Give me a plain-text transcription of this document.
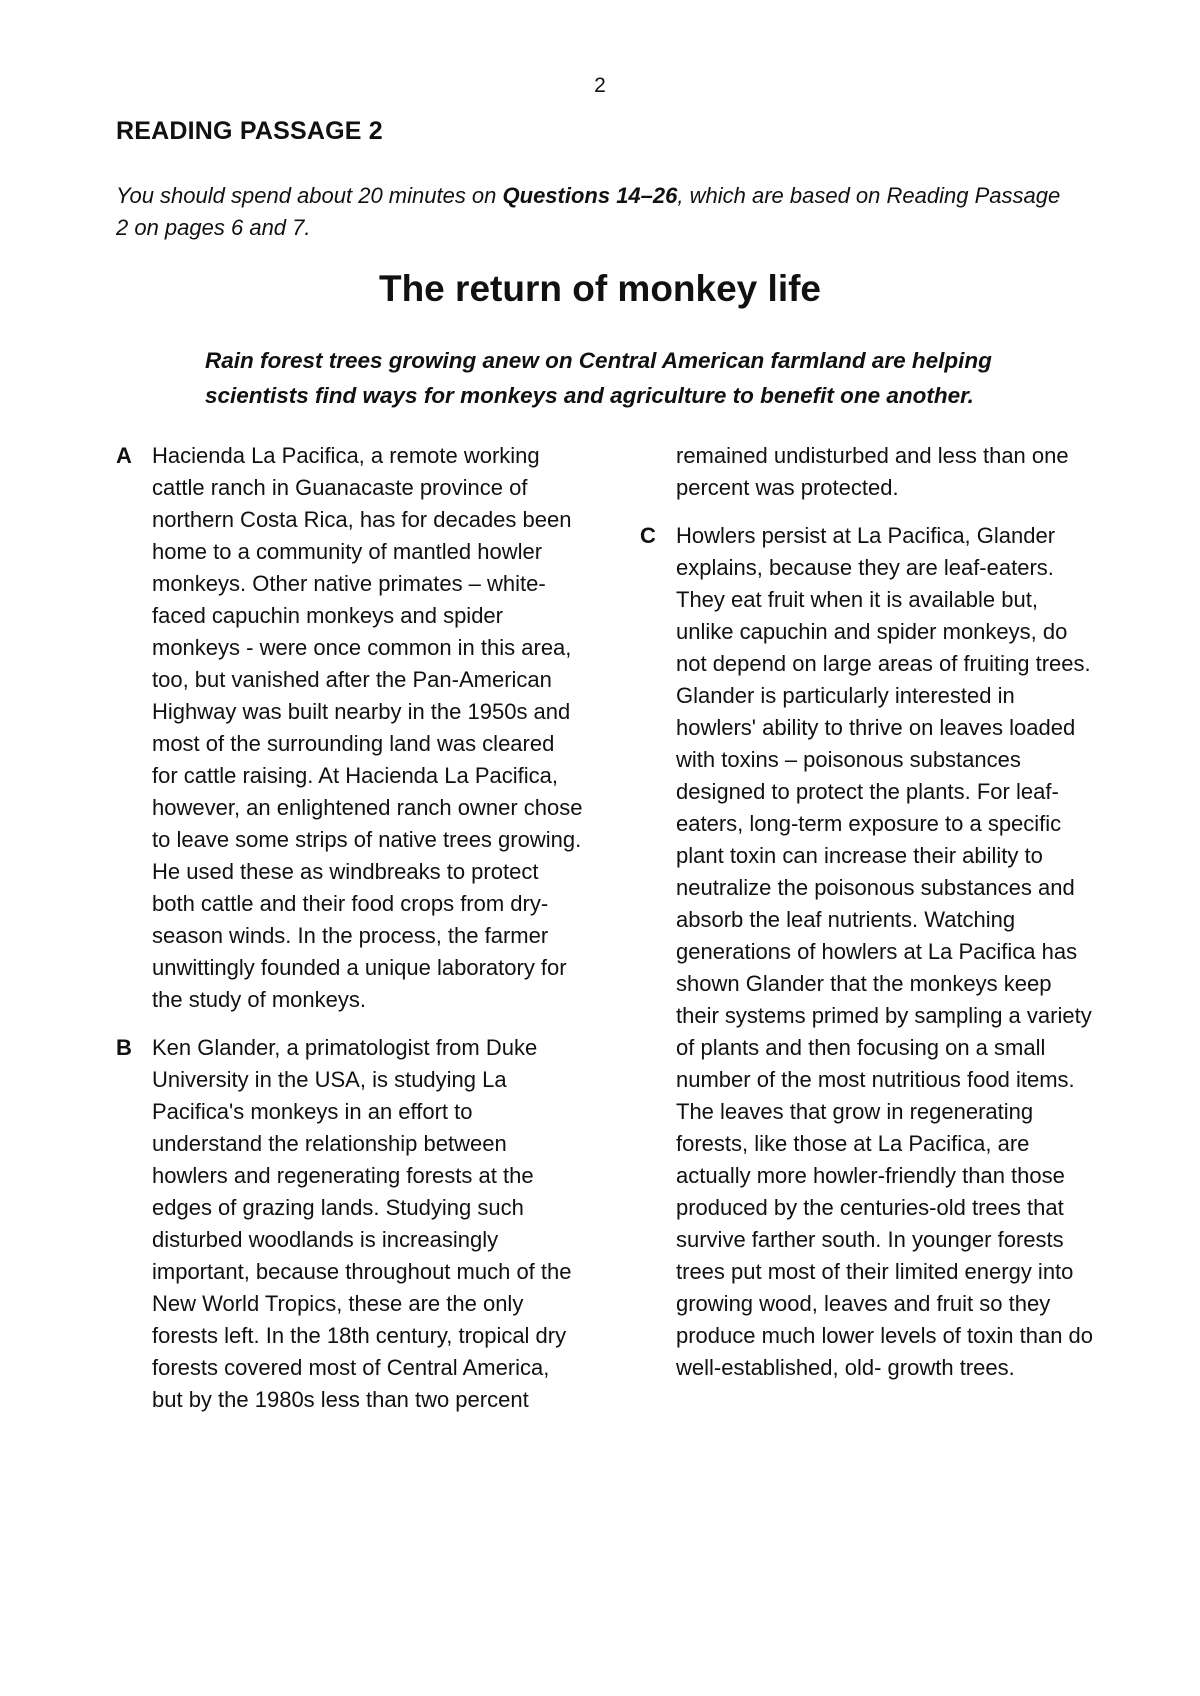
2
READING PASSAGE 2

You should spend about 20 minutes on Questions 14–26, which are based on Reading Passage 2 on pages 6 and 7.

The return of monkey life

Rain forest trees growing anew on Central American farmland are helping scientists find ways for monkeys and agriculture to benefit one another.

A Hacienda La Pacifica, a remote working cattle ranch in Guanacaste province of northern Costa Rica, has for decades been home to a community of mantled howler monkeys. Other native primates – white-faced capuchin monkeys and spider monkeys - were once common in this area, too, but vanished after the Pan-American Highway was built nearby in the 1950s and most of the surrounding land was cleared for cattle raising. At Hacienda La Pacifica, however, an enlightened ranch owner chose to leave some strips of native trees growing. He used these as windbreaks to protect both cattle and their food crops from dry-season winds. In the process, the farmer unwittingly founded a unique laboratory for the study of monkeys.
B Ken Glander, a primatologist from Duke University in the USA, is studying La Pacifica's monkeys in an effort to understand the relationship between howlers and regenerating forests at the edges of grazing lands. Studying such disturbed woodlands is increasingly important, because throughout much of the New World Tropics, these are the only forests left. In the 18th century, tropical dry forests covered most of Central America, but by the 1980s less than two percent
remained undisturbed and less than one percent was protected.
C Howlers persist at La Pacifica, Glander explains, because they are leaf-eaters. They eat fruit when it is available but, unlike capuchin and spider monkeys, do not depend on large areas of fruiting trees. Glander is particularly interested in howlers' ability to thrive on leaves loaded with toxins – poisonous substances designed to protect the plants. For leaf-eaters, long-term exposure to a specific plant toxin can increase their ability to neutralize the poisonous substances and absorb the leaf nutrients. Watching generations of howlers at La Pacifica has shown Glander that the monkeys keep their systems primed by sampling a variety of plants and then focusing on a small number of the most nutritious food items. The leaves that grow in regenerating forests, like those at La Pacifica, are actually more howler-friendly than those produced by the centuries-old trees that survive farther south. In younger forests trees put most of their limited energy into growing wood, leaves and fruit so they produce much lower levels of toxin than do well-established, old- growth trees.
